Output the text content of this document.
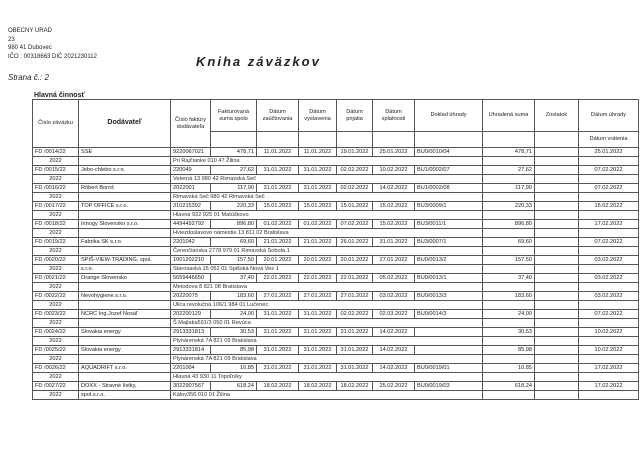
OBECNY URAD
23
980 41 Dubovec
IČO : 00318663 DIČ 2021230112
Strana č.: 2
Kniha záväzkov
Hlavná činnosť
Číslo záväzku	Dodávateľ	Číslo faktúry dodávateľa	Fakturovaná suma spolu	Dátum zaúčtovania	Dátum vystavenia	Dátum prijatia	Dátum splatnosti	Doklad úhrady	Uhradená suma	Zostatok	Dátum úhrady
											Dátum vrátenia
FD /0014/22	SSE	9220067021	478,71	11.01.2022	11.01.2022	19.01.2022	25.01.2022	BU0/0010/04	478,71		25.01.2022
2022		Pri Rajčianke 010 47 Žilina									
FD /0015/22	Jebo-chlebo s.r.o.	220049	27,62	31.01.2022	31.01.2022	02.02.2022	10.02.2022	BU1/0002/07	27,62		07.02.2022
2022		Veterná 13 980 42 Rimavská Seč									
FD /0016/22	Róbert Boroš	2022001	117,90	31.01.2022	31.01.2022	02.02.2022	14.02.2022	BU1/0002/08	117,90		07.02.2022
2022		Rimavská Seč 980 42 Rimavská Seč									
FD /0017/22	TOP OFFICE s.r.o.	310215392	220,33	15.01.2022	15.01.2022	15.01.2022	15.02.2022	BU3/0009/1	220,33		15.02.2022
2022		Hlavná 922 925 01 Matúškovo									
FD /0018/22	Innogy Slovensko s.r.o.	4494492792	896,80	01.02.2022	01.02.2022	07.02.2022	15.02.2022	BU3/0011/1	896,80		17.02.2022
2022		Hviezdoslavovo námestie 13 811 02 Bratislava									
FD /0019/22	Fabrika SK s.r.o.	2201042	69,60	21.01.2022	21.01.2022	26.01.2022	31.01.2022	BU3/0007/1	69,60		07.02.2022
2022		Čerenčianska 2778 979 01 Rimavská Sobota 1									
FD /0020/22	SPIŠ-VIEW-TRADING, spol.	1001202210	157,50	20.01.2022	20.01.2022	20.01.2022	27.01.2022	BU0/0013/2	157,50		03.02.2022
2022	s.r.o.	Starosaská 15 052 01 Spišská Nová Ves 1									
FD /0021/22	Orange Slovensko	5659446650	37,40	22.01.2022	22.01.2022	22.01.2022	05.02.2022	BU0/0013/1	37,40		03.02.2022
2022		Metodova 8 821 08 Bratislava									
FD /0022/22	Nevohygiene.s.r.o.	20220075	183,60	27.01.2022	27.01.2022	27.01.2022	03.02.2022	BU0/0013/3	183,60		03.02.2022
2022		Ulica revolučná 106/1 984 01 Lučenec									
FD /0023/22	NCRC Ing.Jozef Nosáľ	202200129	24,00	31.01.2022	31.01.2022	02.02.2022	02.03.2022	BU0/0014/3	24,00		07.02.2022
2022		Š.Majlaka591/3 050 01 Revúca									
FD /0024/22	Slovakia energy	2913331813	30,53	31.01.2022	31.01.2022	31.01.2022	14.02.2022		30,53		10.02.2022
2022		Plynárenská 7A 821 09 Bratislava									
FD /0025/22	Slovakia energy	2913331814	85,98	31.01.2022	31.01.2022	31.01.2022	14.02.2022		85,98		10.02.2022
2022		Plynárenská 7A 821 09 Bratislava									
FD /0026/22	AQUADRIFT s.r.o.	2201004	10,85	31.01.2022	31.01.2022	31.01.2022	14.02.2022	BU0/0019/01	10,85		17.02.2022
2022		Hlavná 43 930 11 Topoľníky									
FD /0027/22	DOXX - Stravné lístky,	3022907567	618,24	18.02.2022	18.02.2022	18.02.2022	25.02.2022	BU0/0019/03	618,24		17.02.2022
2022	spol.s.r.o.	Kálov356 010 01 Žilina									
